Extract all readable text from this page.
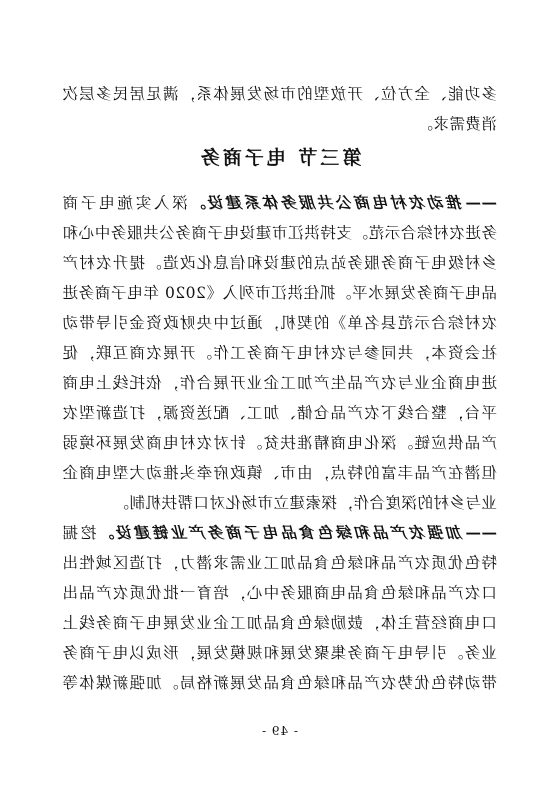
多功能、全方位、开放型的市场发展体系，满足居民多层次
消费需求。
第三节 电子商务
——推动农村电商公共服务体系建设。深入实施电子商
务进农村综合示范。支持洪江市建设电子商务公共服务中心和
乡村级电子商务服务站点的建设和信息化改造。提升农村产
品电子商务发展水平。抓住洪江市列入《2020 年电子商务进
农村综合示范县名单》的契机，通过中央财政资金引导带动
社会资本，共同参与农村电子商务工作。开展农商互联，促
进电商企业与农产品生产加工企业开展合作，依托线上电商
平台，整合线下农产品仓储、加工、配送资源，打造新型农
产品供应链。深化电商精准扶贫。针对农村电商发展环境弱
但潜在产品丰富的特点，由市、镇政府牵头推动大型电商企
业与乡村的深度合作，探索建立市场化对口帮扶机制。
——加强农产品和绿色食品电子商务产业链建设。挖掘
特色优质农产品和绿色食品加工业需求潜力，打造区域性出
口农产品和绿色食品电商服务中心，培育一批优质农产品出
口电商经营主体，鼓励绿色食品加工企业发展电子商务线上
业务。引导电子商务集聚发展和规模发展，形成以电子商务
带动特色优势农产品和绿色食品发展新格局。加强新媒体等
- 49 -
